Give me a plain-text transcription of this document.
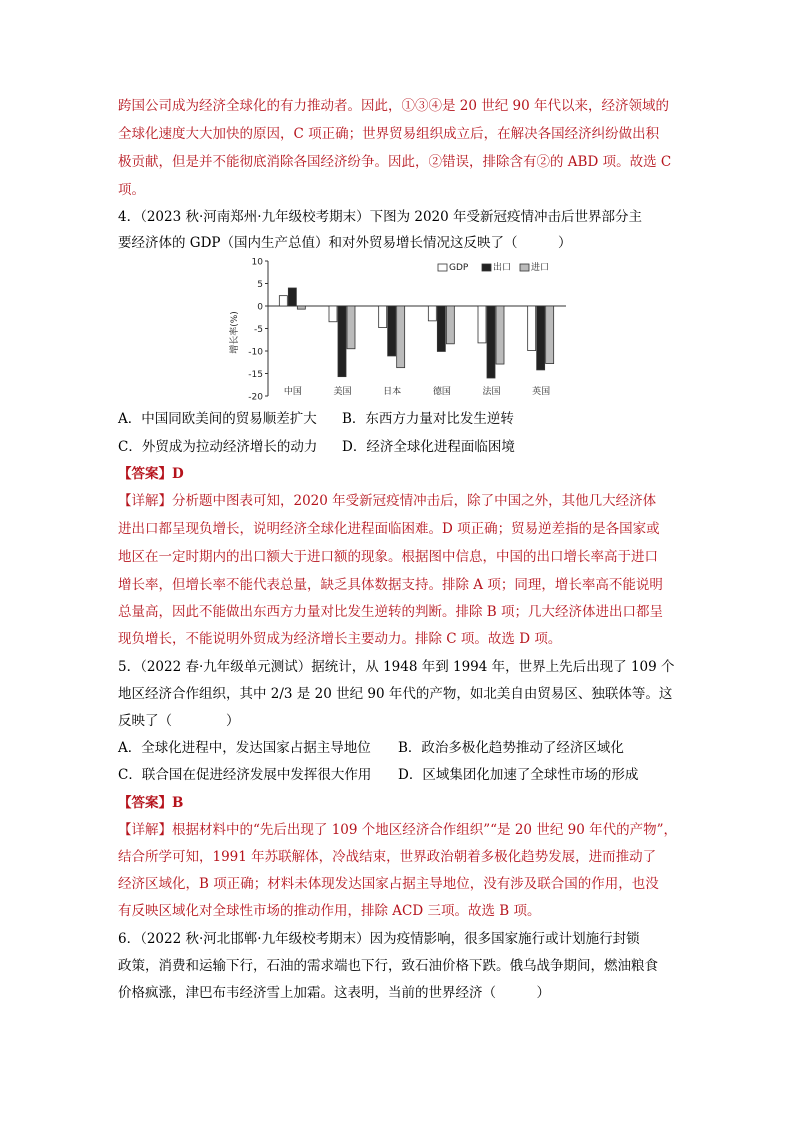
跨国公司成为经济全球化的有力推动者。因此，①③④是 20 世纪 90 年代以来，经济领域的
全球化速度大大加快的原因，C 项正确；世界贸易组织成立后，在解决各国经济纠纷做出积
极贡献，但是并不能彻底消除各国经济纷争。因此，②错误，排除含有②的 ABD 项。故选 C
项。
4．（2023 秋·河南郑州·九年级校考期末）下图为 2020 年受新冠疫情冲击后世界部分主
要经济体的 GDP（国内生产总值）和对外贸易增长情况这反映了（　　　）
10
5
0
-5
-10
-15
-20
增长率(%)
中国	美国	日本	德国	法国	英国
GDP	出口 进口
A．中国同欧美间的贸易顺差扩大 B．东西方力量对比发生逆转
C．外贸成为拉动经济增长的动力 D．经济全球化进程面临困境
【答案】D
【详解】分析题中图表可知，2020 年受新冠疫情冲击后，除了中国之外，其他几大经济体
进出口都呈现负增长，说明经济全球化进程面临困难。D 项正确；贸易逆差指的是各国家或
地区在一定时期内的出口额大于进口额的现象。根据图中信息，中国的出口增长率高于进口
增长率，但增长率不能代表总量，缺乏具体数据支持。排除 A 项；同理，增长率高不能说明
总量高，因此不能做出东西方力量对比发生逆转的判断。排除 B 项；几大经济体进出口都呈
现负增长，不能说明外贸成为经济增长主要动力。排除 C 项。故选 D 项。
5．（2022 春·九年级单元测试）据统计，从 1948 年到 1994 年，世界上先后出现了 109 个
地区经济合作组织，其中 2/3 是 20 世纪 90 年代的产物，如北美自由贸易区、独联体等。这
反映了（　　　　）
A．全球化进程中，发达国家占据主导地位 B．政治多极化趋势推动了经济区域化
C．联合国在促进经济发展中发挥很大作用 D．区域集团化加速了全球性市场的形成
【答案】B
【详解】根据材料中的“先后出现了 109 个地区经济合作组织”“是 20 世纪 90 年代的产物”，
结合所学可知，1991 年苏联解体，冷战结束，世界政治朝着多极化趋势发展，进而推动了
经济区域化，B 项正确；材料未体现发达国家占据主导地位，没有涉及联合国的作用，也没
有反映区域化对全球性市场的推动作用，排除 ACD 三项。故选 B 项。
6．（2022 秋·河北邯郸·九年级校考期末）因为疫情影响，很多国家施行或计划施行封锁
政策，消费和运输下行，石油的需求端也下行，致石油价格下跌。俄乌战争期间，燃油粮食
价格疯涨，津巴布韦经济雪上加霜。这表明，当前的世界经济（　　　）
